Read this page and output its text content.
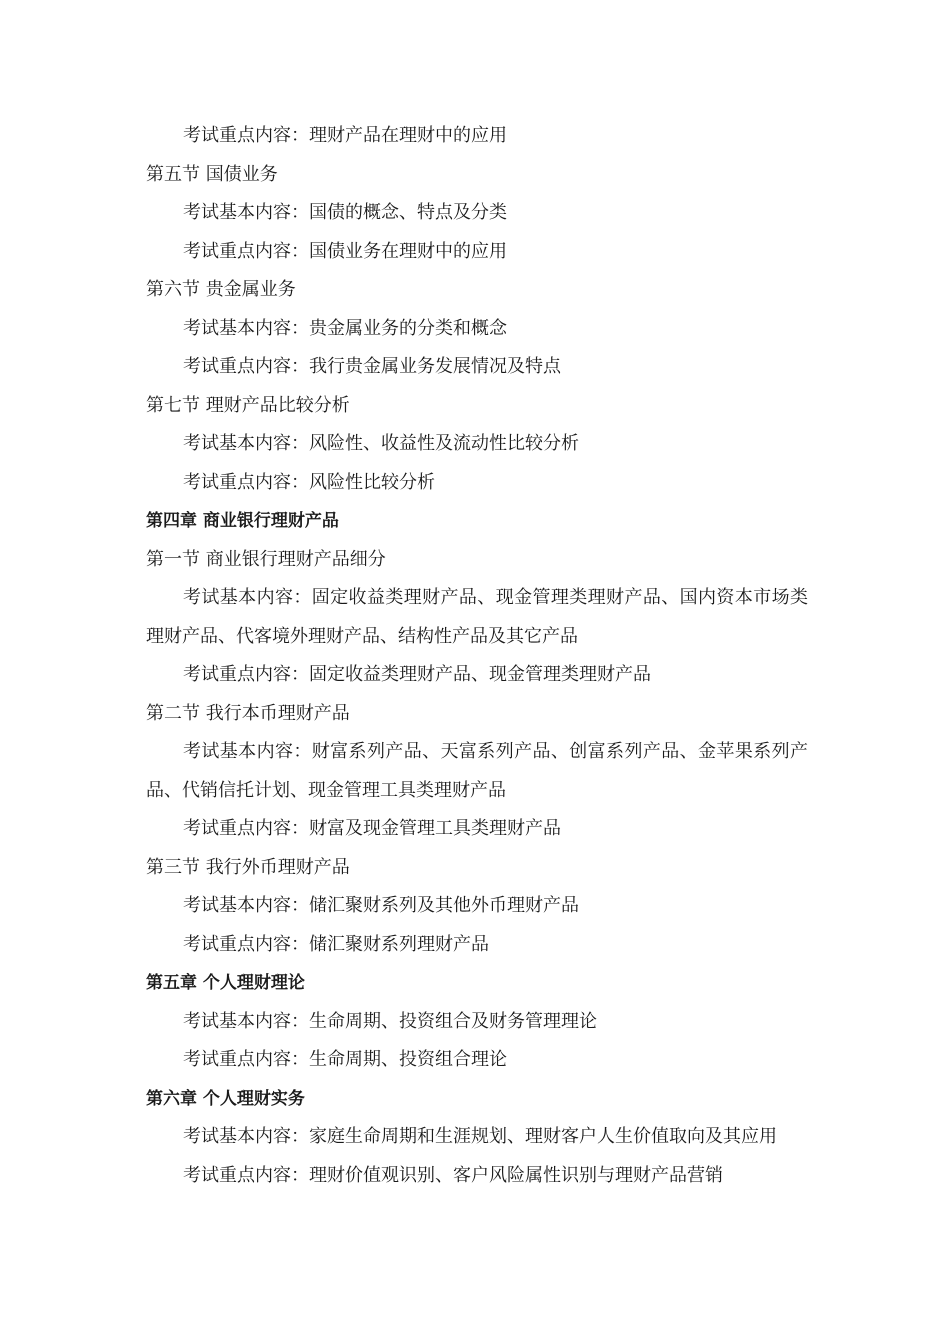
考试重点内容：理财产品在理财中的应用

第五节 国债业务

考试基本内容：国债的概念、特点及分类

考试重点内容：国债业务在理财中的应用

第六节 贵金属业务

考试基本内容：贵金属业务的分类和概念

考试重点内容：我行贵金属业务发展情况及特点

第七节 理财产品比较分析

考试基本内容：风险性、收益性及流动性比较分析

考试重点内容：风险性比较分析

第四章 商业银行理财产品

第一节 商业银行理财产品细分

考试基本内容：固定收益类理财产品、现金管理类理财产品、国内资本市场类理财产品、代客境外理财产品、结构性产品及其它产品

考试重点内容：固定收益类理财产品、现金管理类理财产品

第二节 我行本币理财产品

考试基本内容：财富系列产品、天富系列产品、创富系列产品、金苹果系列产品、代销信托计划、现金管理工具类理财产品

考试重点内容：财富及现金管理工具类理财产品

第三节 我行外币理财产品

考试基本内容：储汇聚财系列及其他外币理财产品

考试重点内容：储汇聚财系列理财产品

第五章 个人理财理论

考试基本内容：生命周期、投资组合及财务管理理论

考试重点内容：生命周期、投资组合理论

第六章 个人理财实务

考试基本内容：家庭生命周期和生涯规划、理财客户人生价值取向及其应用

考试重点内容：理财价值观识别、客户风险属性识别与理财产品营销
